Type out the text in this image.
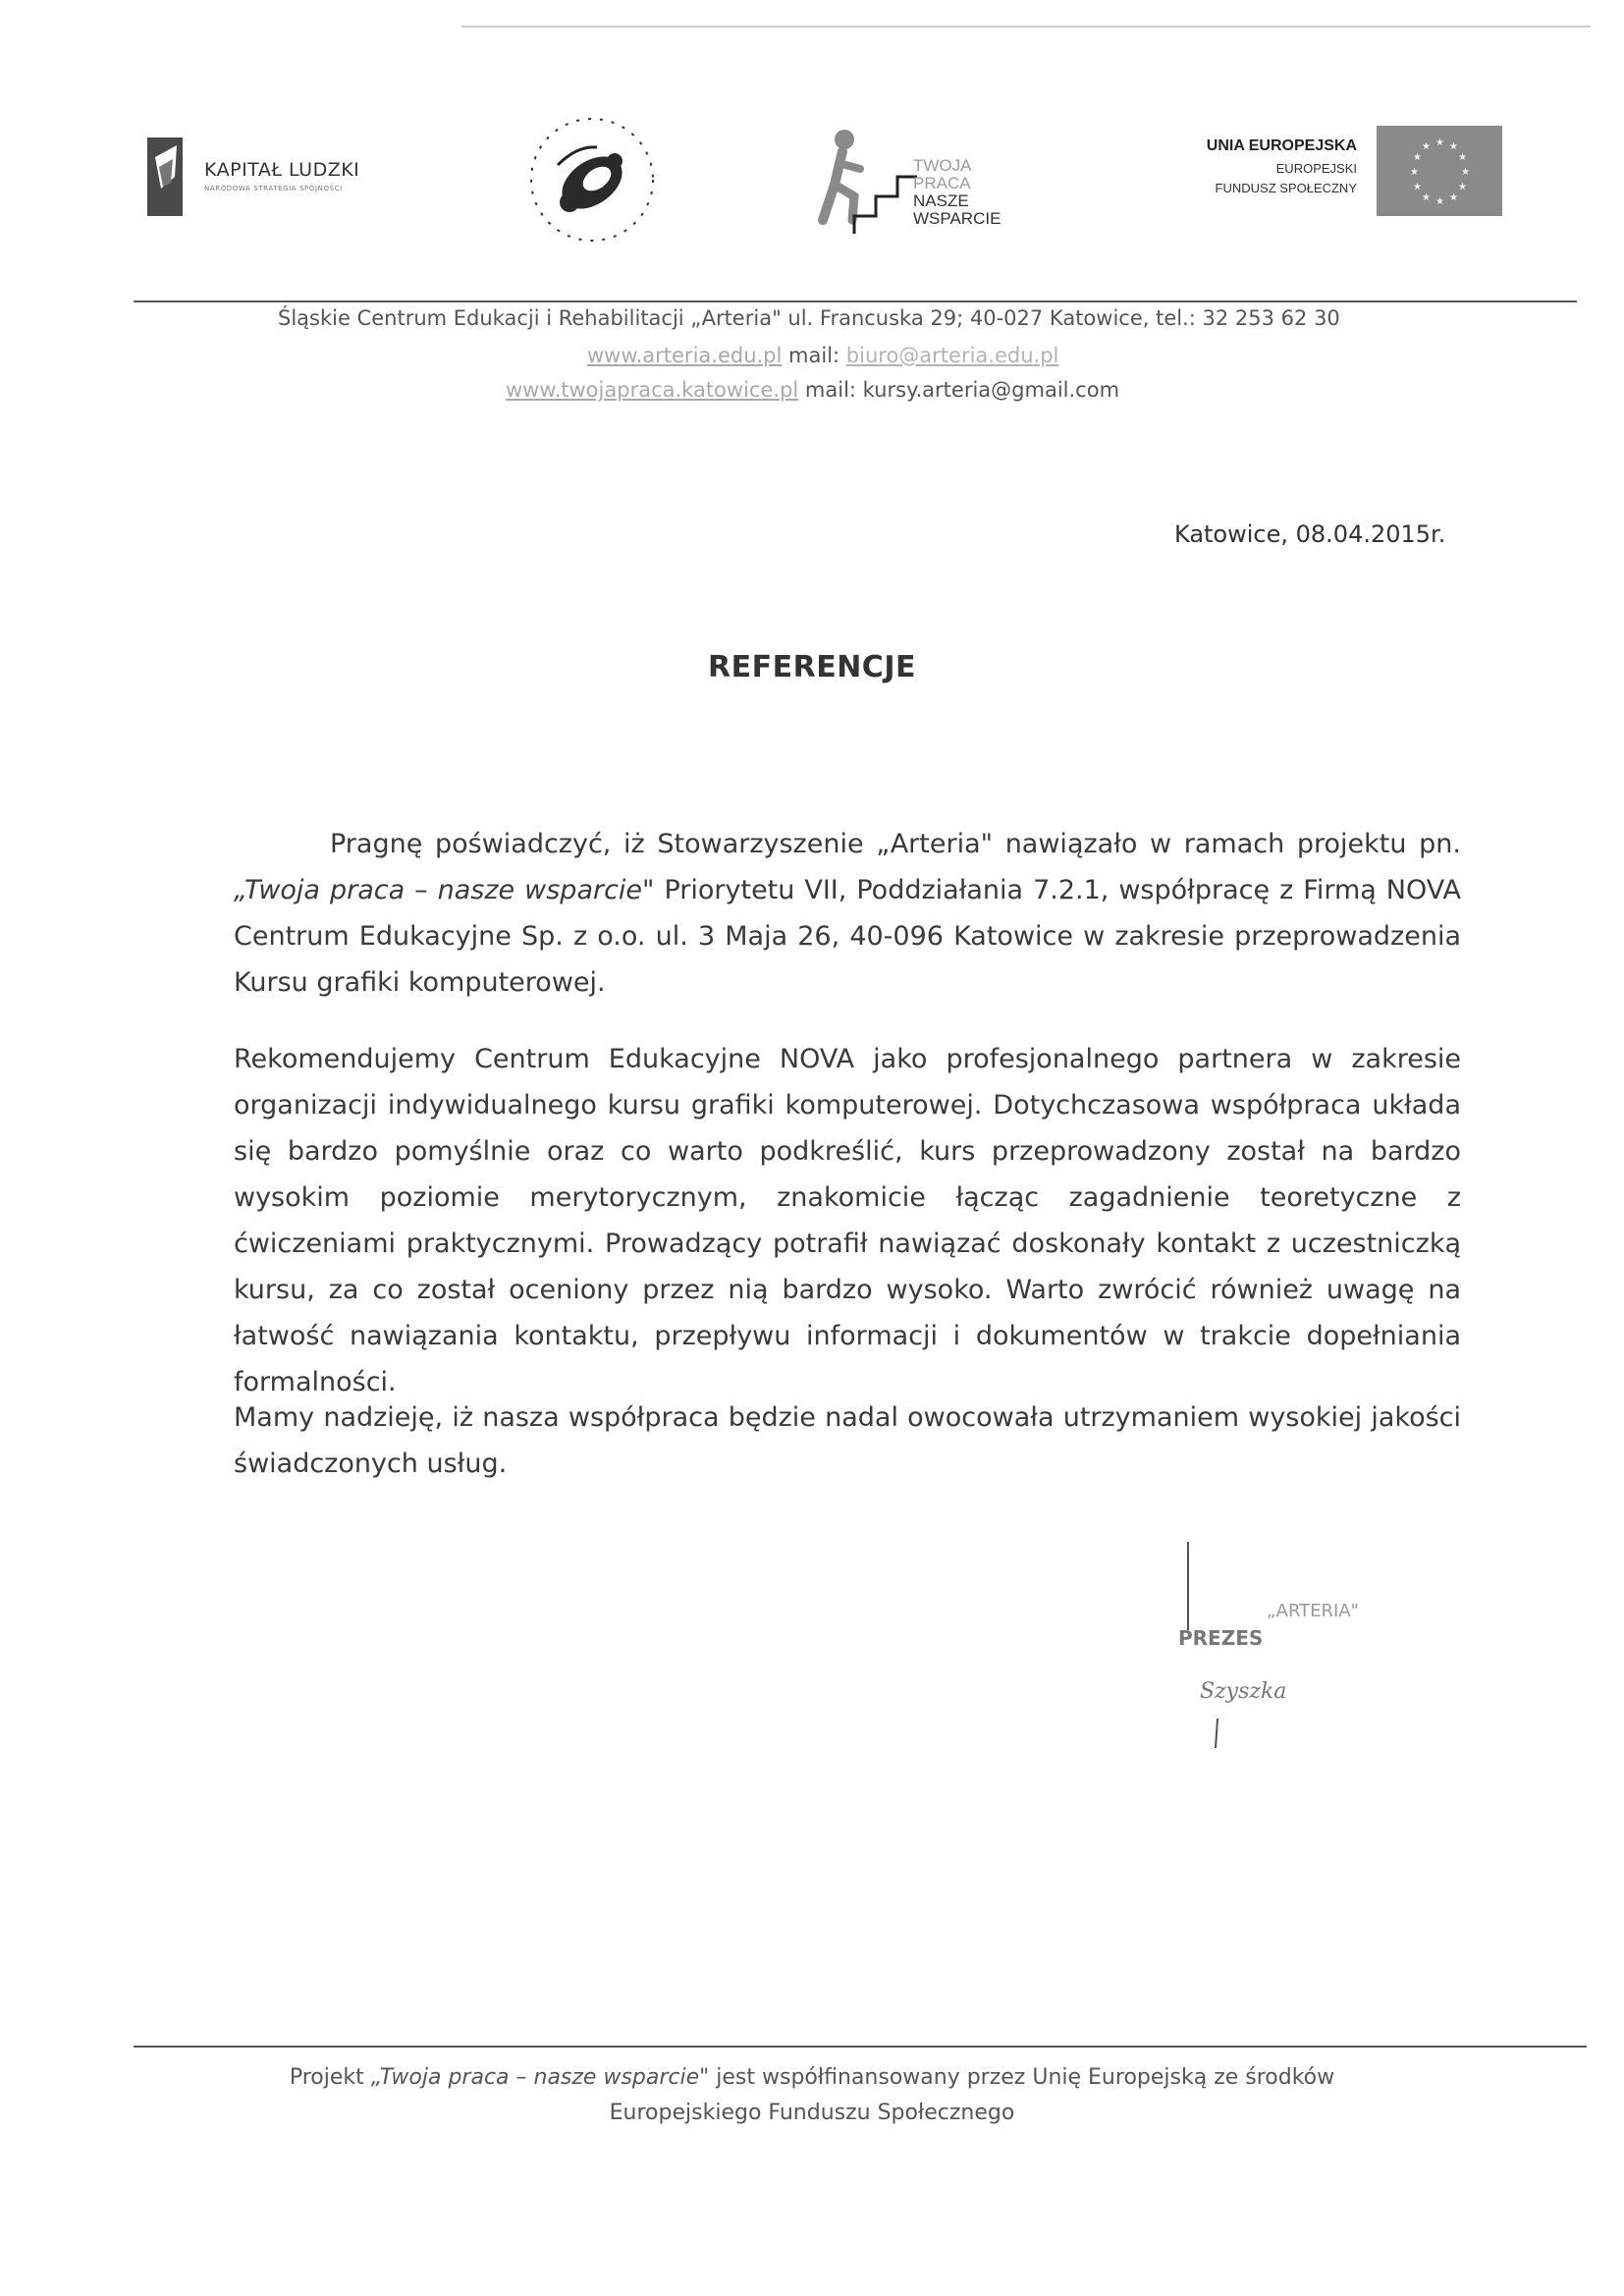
KAPITAŁ LUDZKI
NARODOWA STRATEGIA SPÓJNOŚCI
TWOJA
PRACA
NASZE
WSPARCIE
UNIA EUROPEJSKA
EUROPEJSKI
FUNDUSZ SPOŁECZNY
★ ★
★
★
★
★
★
★
★
★
★
★
Śląskie Centrum Edukacji i Rehabilitacji „Arteria" ul. Francuska 29; 40-027 Katowice, tel.: 32 253 62 30
www.arteria.edu.pl mail: biuro@arteria.edu.pl
www.twojapraca.katowice.pl mail: kursy.arteria@gmail.com
Katowice, 08.04.2015r.
REFERENCJE
Pragnę poświadczyć, iż Stowarzyszenie „Arteria" nawiązało w ramach projektu pn. „Twoja praca – nasze wsparcie" Priorytetu VII, Poddziałania 7.2.1, współpracę z Firmą NOVA Centrum Edukacyjne Sp. z o.o. ul. 3 Maja 26, 40-096 Katowice w zakresie przeprowadzenia Kursu grafiki komputerowej.
Rekomendujemy Centrum Edukacyjne NOVA jako profesjonalnego partnera w zakresie organizacji indywidualnego kursu grafiki komputerowej. Dotychczasowa współpraca układa się bardzo pomyślnie oraz co warto podkreślić, kurs przeprowadzony został na bardzo wysokim poziomie merytorycznym, znakomicie łącząc zagadnienie teoretyczne z ćwiczeniami praktycznymi. Prowadzący potrafił nawiązać doskonały kontakt z uczestniczką kursu, za co został oceniony przez nią bardzo wysoko. Warto zwrócić również uwagę na łatwość nawiązania kontaktu, przepływu informacji i dokumentów w trakcie dopełniania formalności.
Mamy nadzieję, iż nasza współpraca będzie nadal owocowała utrzymaniem wysokiej jakości świadczonych usług.
„ARTERIA"
PREZES
Szyszka
Projekt „Twoja praca – nasze wsparcie" jest współfinansowany przez Unię Europejską ze środków
Europejskiego Funduszu Społecznego
